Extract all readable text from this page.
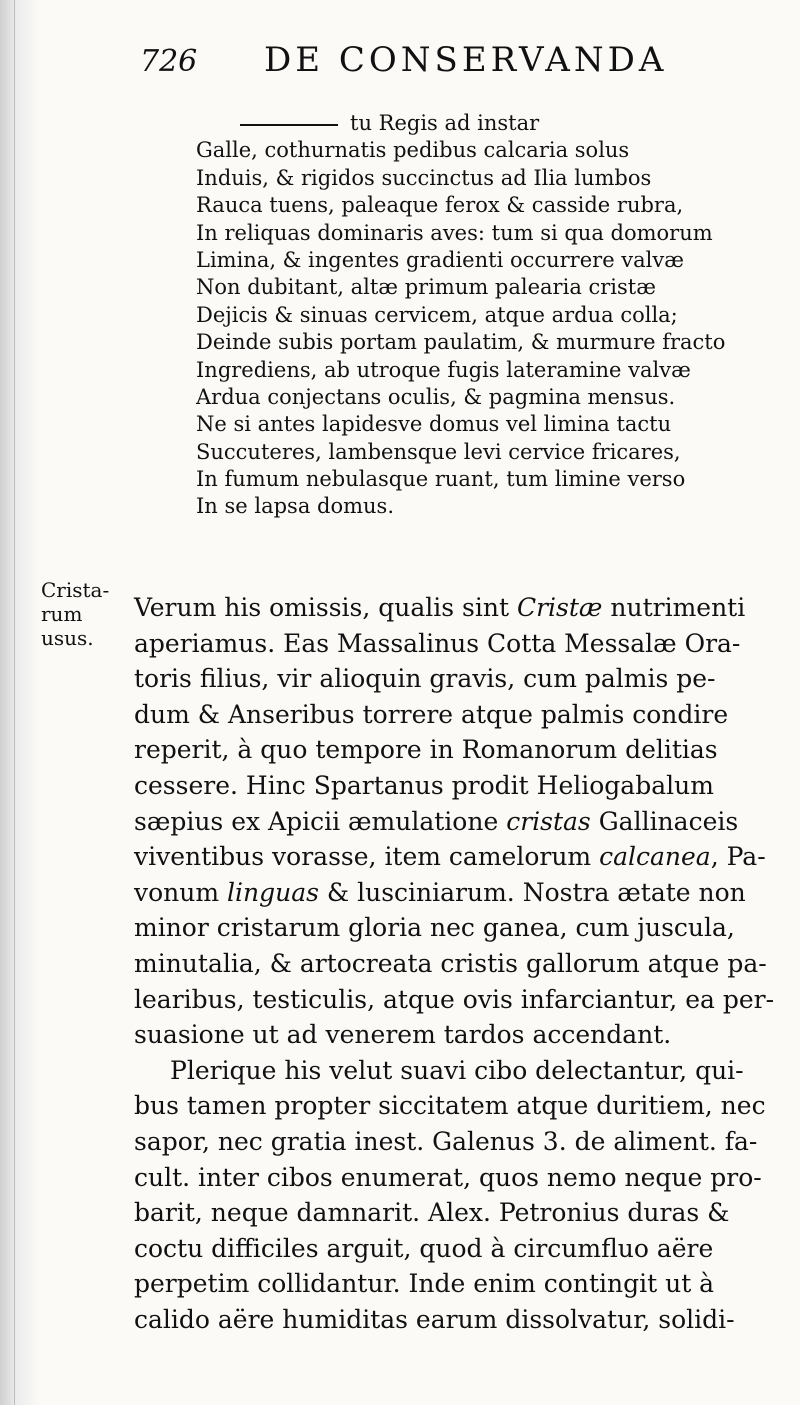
726 DE CONSERVANDA
tu Regis ad instar
Galle, cothurnatis pedibus calcaria solus
Induis, & rigidos succinctus ad Ilia lumbos
Rauca tuens, paleaque ferox & casside rubra,
In reliquas dominaris aves: tum si qua domorum
Limina, & ingentes gradienti occurrere valvæ
Non dubitant, altæ primum palearia cristæ
Dejicis & sinuas cervicem, atque ardua colla;
Deinde subis portam paulatim, & murmure fracto
Ingrediens, ab utroque fugis lateramine valvæ
Ardua conjectans oculis, & pagmina mensus.
Ne si antes lapidesve domus vel limina tactu
Succuteres, lambensque levi cervice fricares,
In fumum nebulasque ruant, tum limine verso
In se lapsa domus.
Crista-
rum
usus.
Verum his omissis, qualis sint Cristæ nutrimenti
aperiamus. Eas Massalinus Cotta Messalæ Ora-
toris filius, vir alioquin gravis, cum palmis pe-
dum & Anseribus torrere atque palmis condire
reperit, à quo tempore in Romanorum delitias
cessere. Hinc Spartanus prodit Heliogabalum
sæpius ex Apicii æmulatione cristas Gallinaceis
viventibus vorasse, item camelorum calcanea, Pa-
vonum linguas & lusciniarum. Nostra ætate non
minor cristarum gloria nec ganea, cum juscula,
minutalia, & artocreata cristis gallorum atque pa-
learibus, testiculis, atque ovis infarciantur, ea per-
suasione ut ad venerem tardos accendant.
Plerique his velut suavi cibo delectantur, qui-
bus tamen propter siccitatem atque duritiem, nec
sapor, nec gratia inest. Galenus 3. de aliment. fa-
cult. inter cibos enumerat, quos nemo neque pro-
barit, neque damnarit. Alex. Petronius duras &
coctu difficiles arguit, quod à circumfluo aëre
perpetim collidantur. Inde enim contingit ut à
calido aëre humiditas earum dissolvatur, solidi-
